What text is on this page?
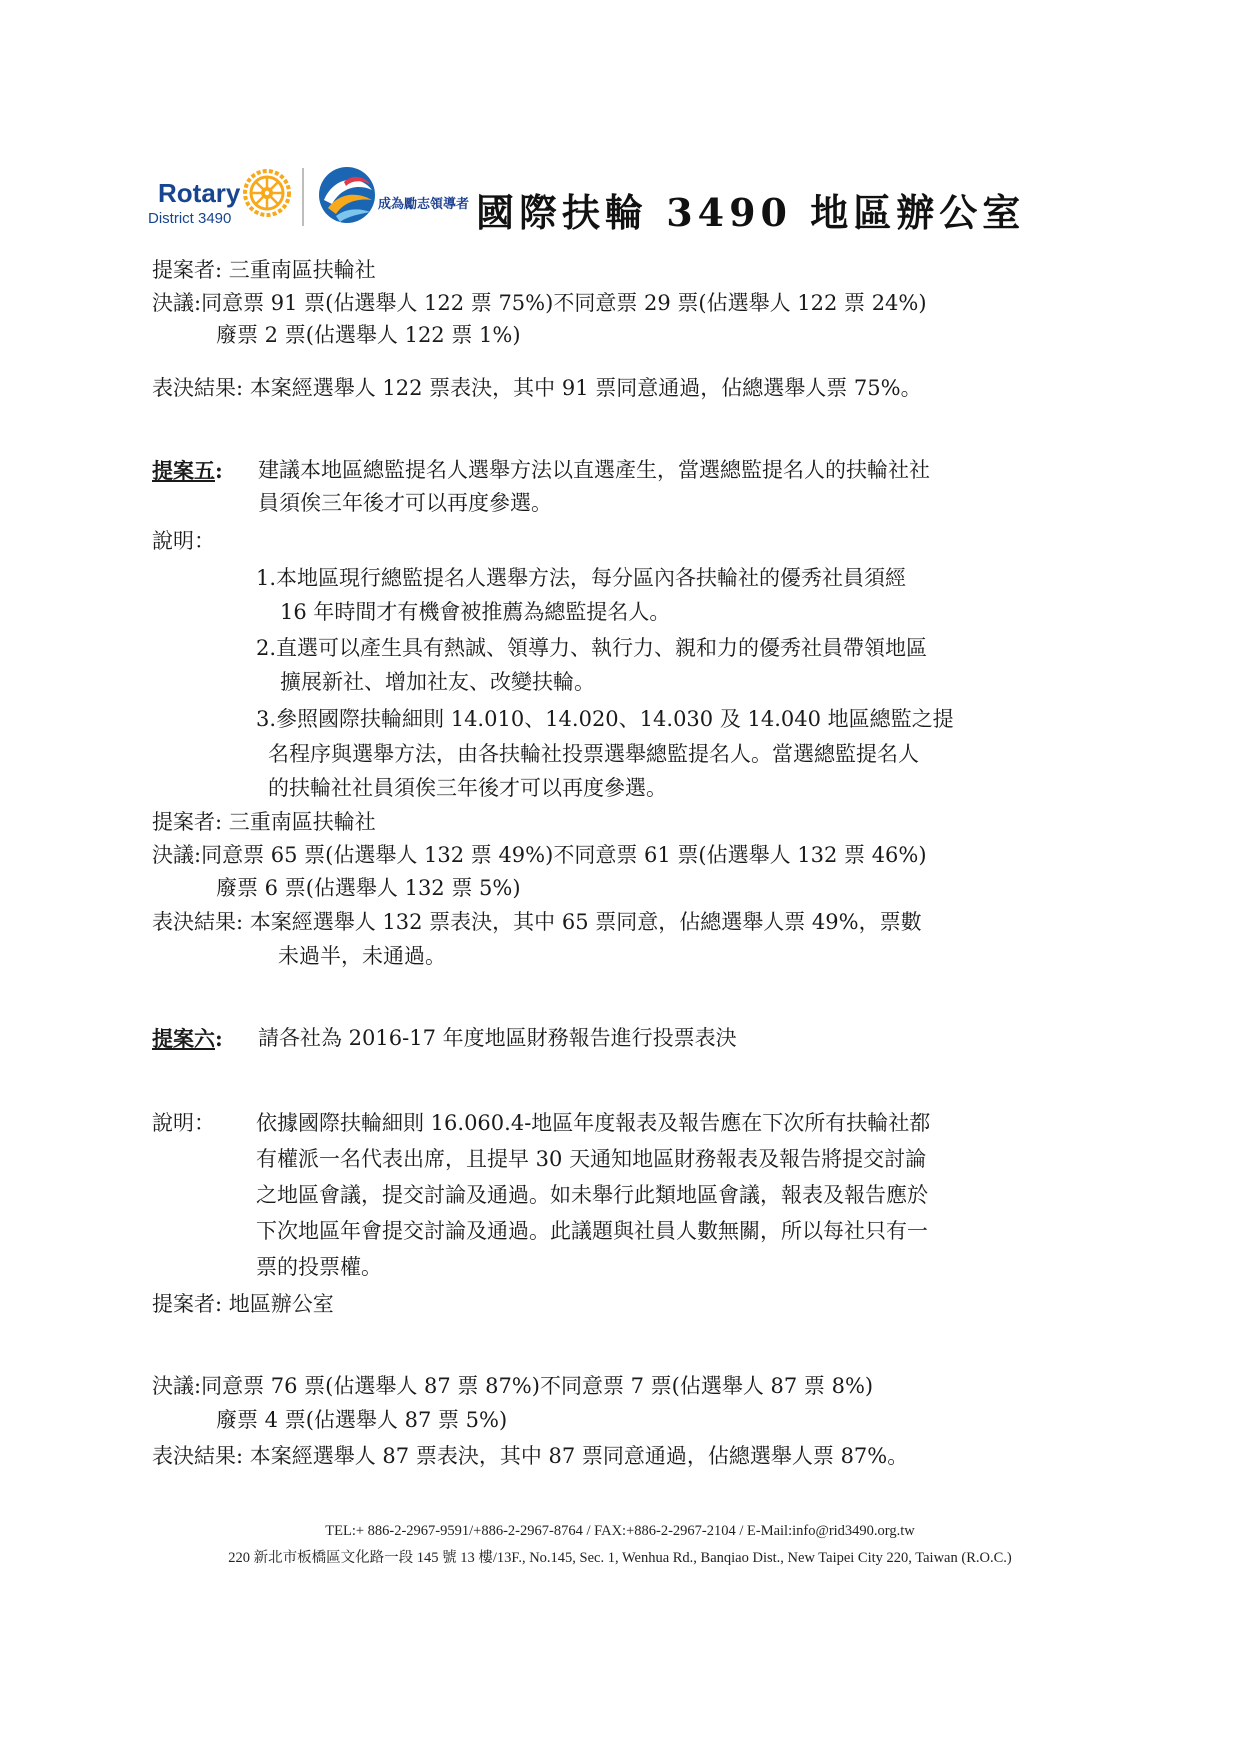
Rotary
District 3490
成為勵志領導者 國際扶輪 3490 地區辦公室
提案者: 三重南區扶輪社
決議:同意票 91 票(佔選舉人 122 票 75%)不同意票 29 票(佔選舉人 122 票 24%)
廢票 2 票(佔選舉人 122 票 1%)
表決結果: 本案經選舉人 122 票表決，其中 91 票同意通過，佔總選舉人票 75%。
提案五: 建議本地區總監提名人選舉方法以直選產生，當選總監提名人的扶輪社社
員須俟三年後才可以再度參選。
說明：
1.本地區現行總監提名人選舉方法，每分區內各扶輪社的優秀社員須經
16 年時間才有機會被推薦為總監提名人。
2.直選可以產生具有熱誠、領導力、執行力、親和力的優秀社員帶領地區
擴展新社、增加社友、改變扶輪。
3.參照國際扶輪細則 14.010、14.020、14.030 及 14.040 地區總監之提
名程序與選舉方法，由各扶輪社投票選舉總監提名人。當選總監提名人
的扶輪社社員須俟三年後才可以再度參選。
提案者: 三重南區扶輪社
決議:同意票 65 票(佔選舉人 132 票 49%)不同意票 61 票(佔選舉人 132 票 46%)
廢票 6 票(佔選舉人 132 票 5%)
表決結果: 本案經選舉人 132 票表決，其中 65 票同意，佔總選舉人票 49%，票數
未過半，未通過。
提案六: 請各社為 2016-17 年度地區財務報告進行投票表決
說明： 依據國際扶輪細則 16.060.4-地區年度報表及報告應在下次所有扶輪社都
有權派一名代表出席，且提早 30 天通知地區財務報表及報告將提交討論
之地區會議，提交討論及通過。如未舉行此類地區會議，報表及報告應於
下次地區年會提交討論及通過。此議題與社員人數無關，所以每社只有一
票的投票權。
提案者: 地區辦公室
決議:同意票 76 票(佔選舉人 87 票 87%)不同意票 7 票(佔選舉人 87 票 8%)
廢票 4 票(佔選舉人 87 票 5%)
表決結果: 本案經選舉人 87 票表決，其中 87 票同意通過，佔總選舉人票 87%。
TEL:+ 886-2-2967-9591/+886-2-2967-8764 / FAX:+886-2-2967-2104 / E-Mail:info@rid3490.org.tw
220 新北市板橋區文化路一段 145 號 13 樓/13F., No.145, Sec. 1, Wenhua Rd., Banqiao Dist., New Taipei City 220, Taiwan (R.O.C.)
